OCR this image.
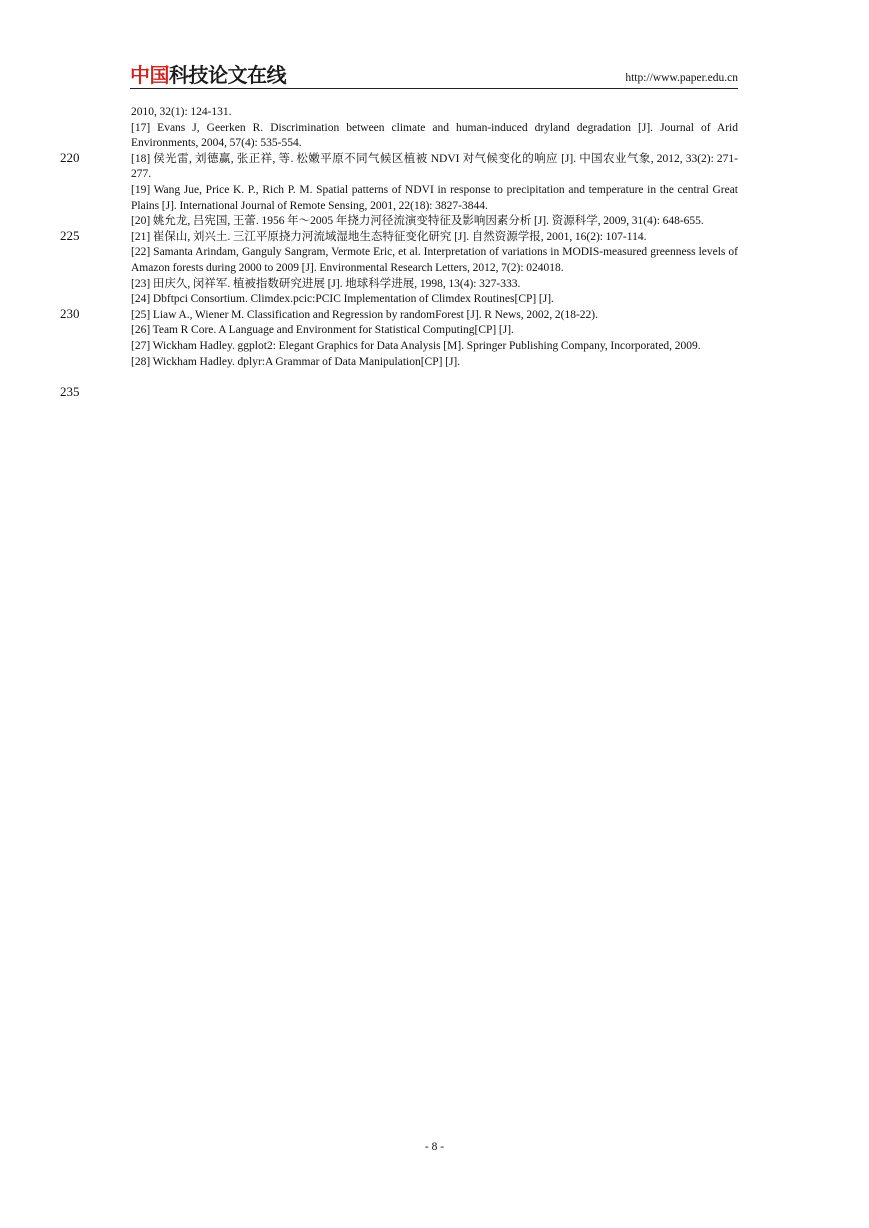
中国科技论文在线	http://www.paper.edu.cn
220
225
230
235
2010, 32(1): 124-131.
[17] Evans J, Geerken R. Discrimination between climate and human-induced dryland degradation [J]. Journal of Arid Environments, 2004, 57(4): 535-554.
[18] 侯光雷, 刘德赢, 张正祥, 等. 松嫩平原不同气候区植被 NDVI 对气候变化的响应 [J]. 中国农业气象, 2012, 33(2): 271-277.
[19] Wang Jue, Price K. P., Rich P. M. Spatial patterns of NDVI in response to precipitation and temperature in the central Great Plains [J]. International Journal of Remote Sensing, 2001, 22(18): 3827-3844.
[20] 姚允龙, 吕宪国, 王蕾. 1956 年～2005 年挠力河径流演变特征及影响因素分析 [J]. 资源科学, 2009, 31(4): 648-655.
[21] 崔保山, 刘兴土. 三江平原挠力河流域湿地生态特征变化研究 [J]. 自然资源学报, 2001, 16(2): 107-114.
[22] Samanta Arindam, Ganguly Sangram, Vermote Eric, et al. Interpretation of variations in MODIS-measured greenness levels of Amazon forests during 2000 to 2009 [J]. Environmental Research Letters, 2012, 7(2): 024018.
[23] 田庆久, 闵祥军. 植被指数研究进展 [J]. 地球科学进展, 1998, 13(4): 327-333.
[24] Dbftpci Consortium. Climdex.pcic:PCIC Implementation of Climdex Routines[CP] [J].
[25] Liaw A., Wiener M. Classification and Regression by randomForest [J]. R News, 2002, 2(18-22).
[26] Team R Core. A Language and Environment for Statistical Computing[CP] [J].
[27] Wickham Hadley. ggplot2: Elegant Graphics for Data Analysis [M]. Springer Publishing Company, Incorporated, 2009.
[28] Wickham Hadley. dplyr:A Grammar of Data Manipulation[CP] [J].
- 8 -
